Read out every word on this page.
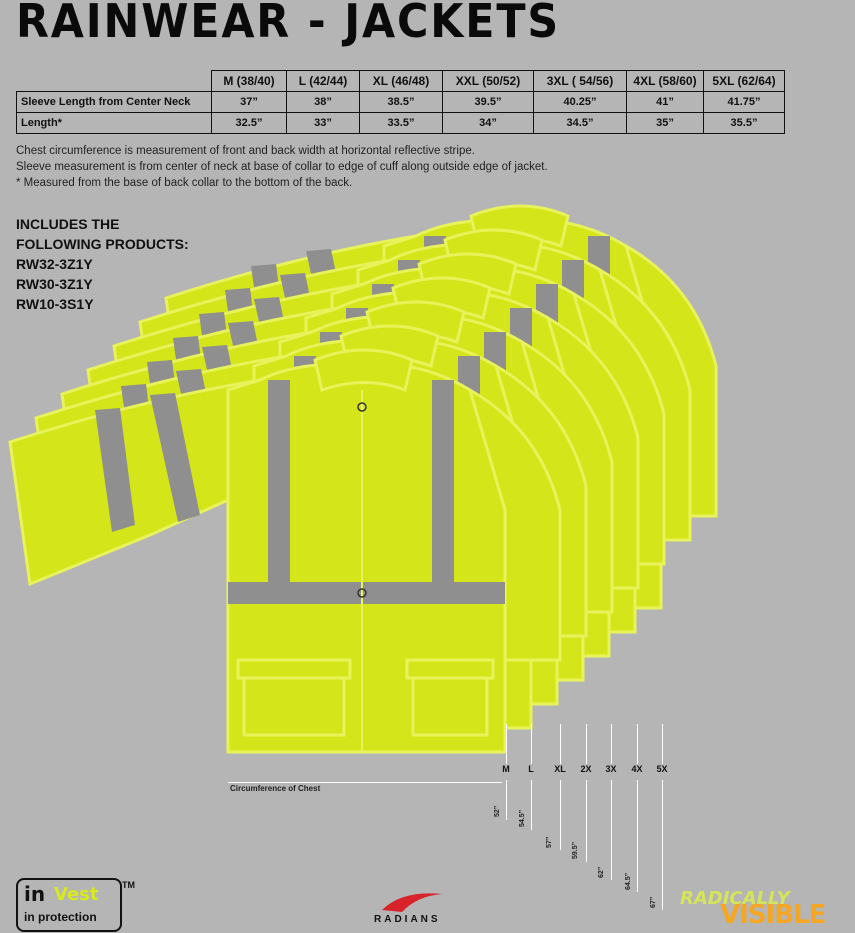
RAINWEAR - JACKETS
	M (38/40)	L (42/44)	XL (46/48)	XXL (50/52)	3XL ( 54/56)	4XL (58/60)	5XL (62/64)
Sleeve Length from Center Neck	37”	38”	38.5”	39.5”	40.25”	41”	41.75”
Length*	32.5”	33”	33.5”	34”	34.5”	35”	35.5”
Chest circumference is measurement of front and back width at horizontal reflective stripe.
Sleeve measurement is from center of neck at base of collar to edge of cuff along outside edge of jacket.
* Measured from the base of back collar to the bottom of the back.
INCLUDES THE
FOLLOWING PRODUCTS:
RW32-3Z1Y
RW30-3Z1Y
RW10-3S1Y
Circumference of Chest
M	L	XL	2X	3X	4X	5X
52”	54.5”
57”	59.5”
62”
64.5”
67”
in Vest
in protection
TM
RADIANS
RADICALLY
VISIBLE
